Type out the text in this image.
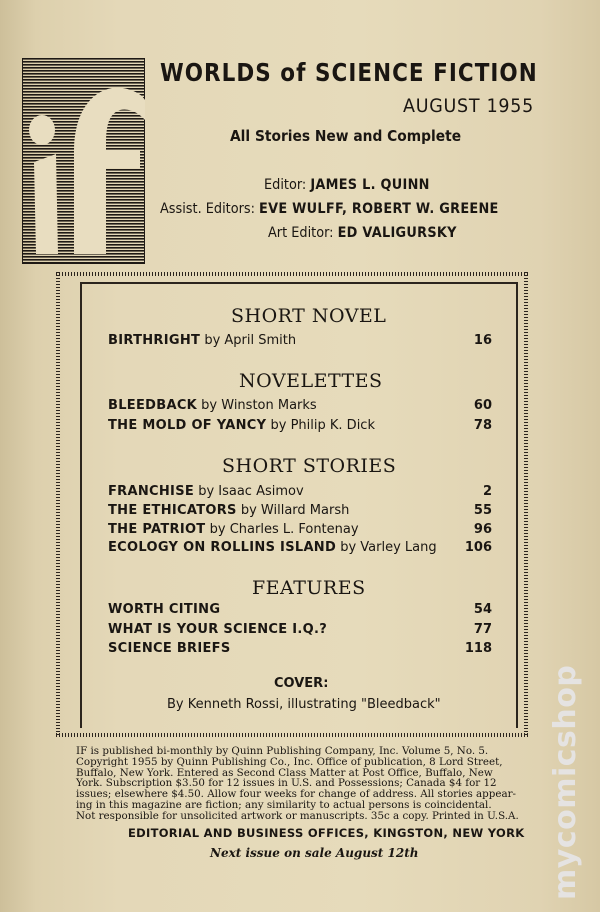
WORLDS of SCIENCE FICTION
AUGUST 1955
All Stories New and Complete
Editor: JAMES L. QUINN
Assist. Editors: EVE WULFF, ROBERT W. GREENE
Art Editor: ED VALIGURSKY
SHORT NOVEL
BIRTHRIGHT by April Smith	16
NOVELETTES
BLEEDBACK by Winston Marks	60
THE MOLD OF YANCY by Philip K. Dick	78
SHORT STORIES
FRANCHISE by Isaac Asimov	2
THE ETHICATORS by Willard Marsh	55
THE PATRIOT by Charles L. Fontenay	96
ECOLOGY ON ROLLINS ISLAND by Varley Lang 106
FEATURES
WORTH CITING	54
WHAT IS YOUR SCIENCE I.Q.?	77
SCIENCE BRIEFS	118
COVER:
By Kenneth Rossi, illustrating "Bleedback"
IF is published bi-monthly by Quinn Publishing Company, Inc. Volume 5, No. 5.
Copyright 1955 by Quinn Publishing Co., Inc. Office of publication, 8 Lord Street,
Buffalo, New York. Entered as Second Class Matter at Post Office, Buffalo, New
York. Subscription $3.50 for 12 issues in U.S. and Possessions; Canada $4 for 12
issues; elsewhere $4.50. Allow four weeks for change of address. All stories appear-
ing in this magazine are fiction; any similarity to actual persons is coincidental.
Not responsible for unsolicited artwork or manuscripts. 35c a copy. Printed in U.S.A.
EDITORIAL AND BUSINESS OFFICES, KINGSTON, NEW YORK
Next issue on sale August 12th	mycomicshop
